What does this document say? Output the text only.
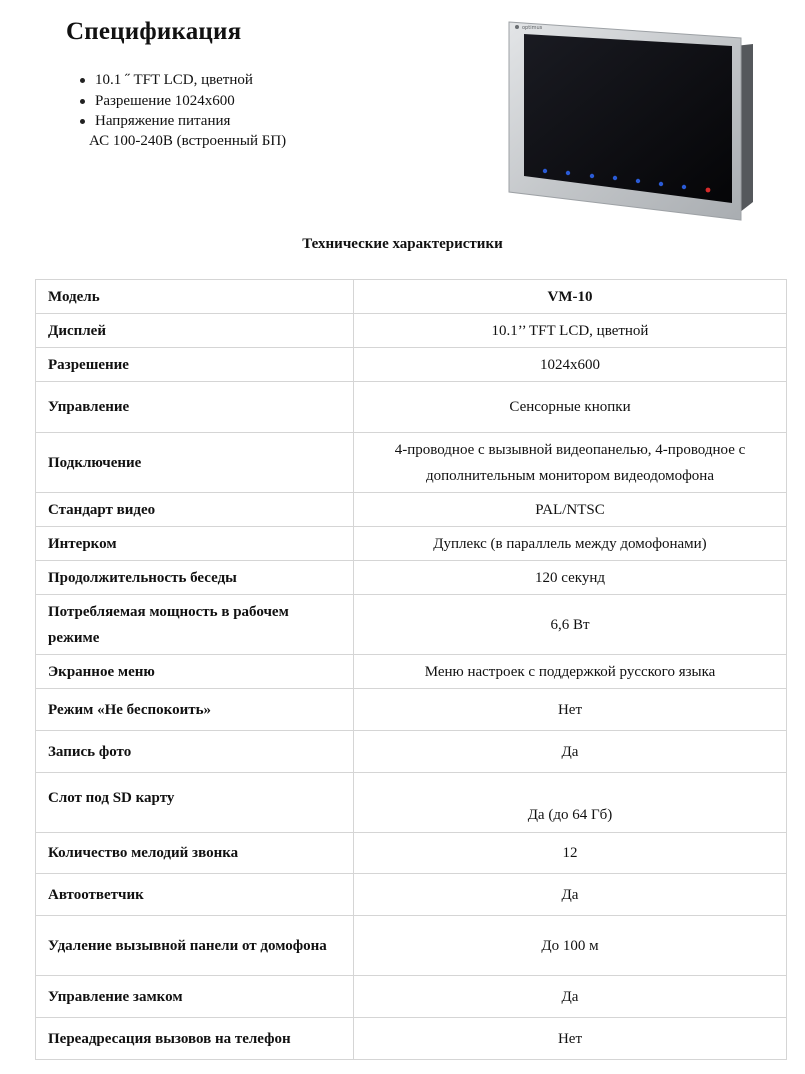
Спецификация
10.1 ˝ TFT LCD, цветной
Разрешение 1024x600
Напряжение питания
АС 100-240В (встроенный БП)
optimus
Технические характеристики
Модель	VM-10
Дисплей	10.1’’ TFT LCD, цветной
Разрешение	1024x600
Управление	Сенсорные кнопки
Подключение	4-проводное с вызывной видеопанелью, 4-проводное с дополнительным монитором видеодомофона
Стандарт видео	PAL/NTSC
Интерком	Дуплекс (в параллель между домофонами)
Продолжительность беседы	120 секунд
Потребляемая мощность в рабочем режиме	6,6 Вт
Экранное меню	Меню настроек с поддержкой русского языка
Режим «Не беспокоить»	Нет
Запись фото	Да
Слот под SD карту	Да (до 64 Гб)
Количество мелодий звонка	12
Автоответчик	Да
Удаление вызывной панели от домофона	До 100 м
Управление замком	Да
Переадресация вызовов на телефон	Нет
